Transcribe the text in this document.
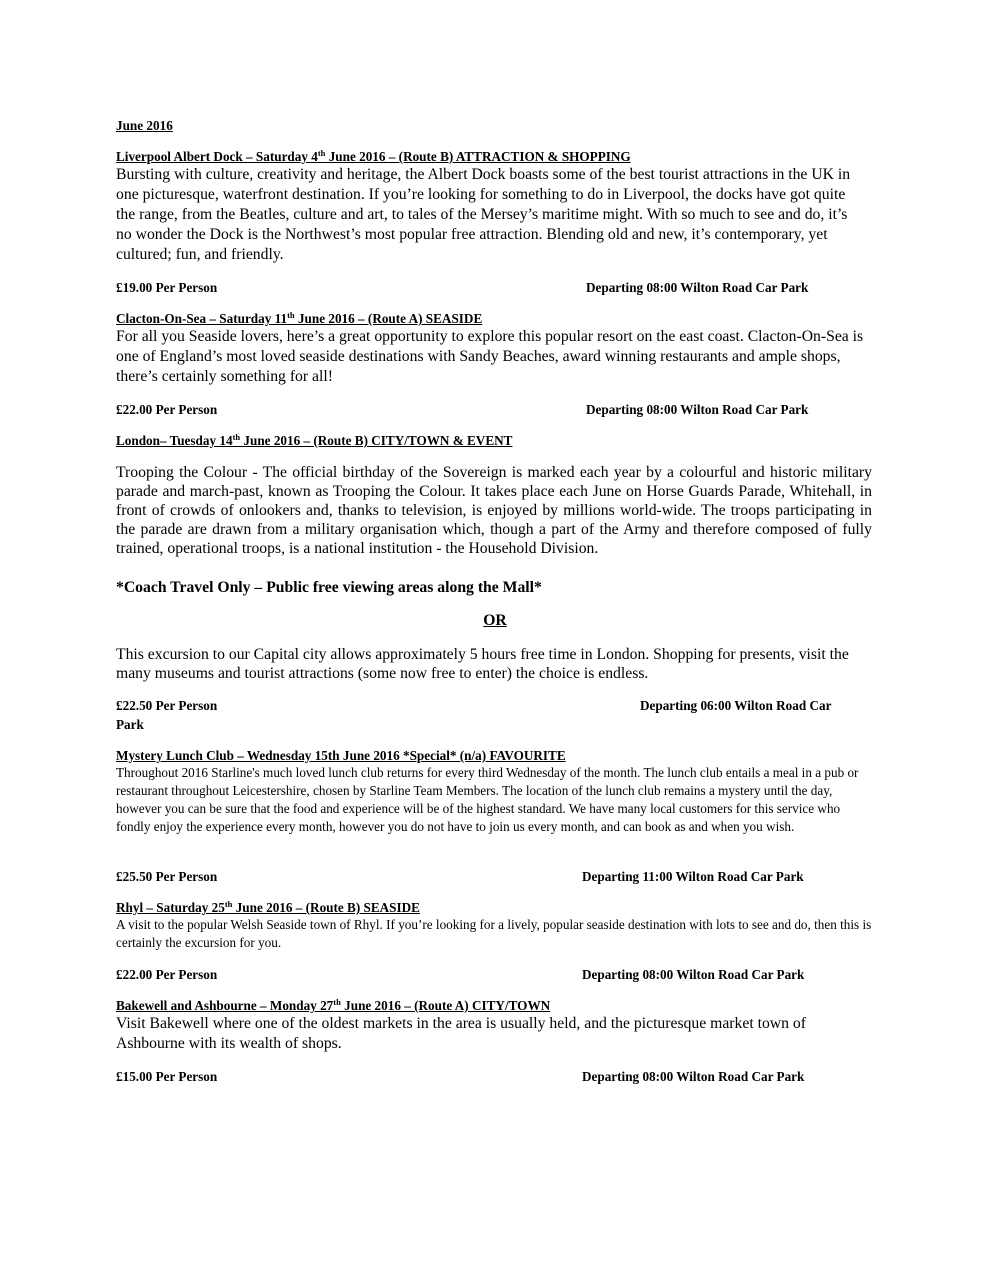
June 2016
Liverpool Albert Dock – Saturday 4th June 2016 – (Route B) ATTRACTION & SHOPPING

Bursting with culture, creativity and heritage, the Albert Dock boasts some of the best tourist attractions in the UK in one picturesque, waterfront destination. If you’re looking for something to do in Liverpool, the docks have got quite the range, from the Beatles, culture and art, to tales of the Mersey’s maritime might. With so much to see and do, it’s no wonder the Dock is the Northwest’s most popular free attraction. Blending old and new, it’s contemporary, yet cultured; fun, and friendly.

£19.00 Per Person	Departing 08:00 Wilton Road Car Park
Clacton-On-Sea – Saturday 11th June 2016 – (Route A) SEASIDE

For all you Seaside lovers, here’s a great opportunity to explore this popular resort on the east coast. Clacton-On-Sea is one of England’s most loved seaside destinations with Sandy Beaches, award winning restaurants and ample shops, there’s certainly something for all!

£22.00 Per Person	Departing 08:00 Wilton Road Car Park
London– Tuesday 14th June 2016 – (Route B) CITY/TOWN & EVENT

Trooping the Colour - The official birthday of the Sovereign is marked each year by a colourful and historic military parade and march-past, known as Trooping the Colour. It takes place each June on Horse Guards Parade, Whitehall, in front of crowds of onlookers and, thanks to television, is enjoyed by millions world-wide. The troops participating in the parade are drawn from a military organisation which, though a part of the Army and therefore composed of fully trained, operational troops, is a national institution - the Household Division.

*Coach Travel Only – Public free viewing areas along the Mall*
OR

This excursion to our Capital city allows approximately 5 hours free time in London. Shopping for presents, visit the many museums and tourist attractions (some now free to enter) the choice is endless.

£22.50 Per Person	Departing 06:00 Wilton Road Car
Park
Mystery Lunch Club – Wednesday 15th June 2016 *Special* (n/a) FAVOURITE

Throughout 2016 Starline's much loved lunch club returns for every third Wednesday of the month. The lunch club entails a meal in a pub or restaurant throughout Leicestershire, chosen by Starline Team Members. The location of the lunch club remains a mystery until the day, however you can be sure that the food and experience will be of the highest standard. We have many local customers for this service who fondly enjoy the experience every month, however you do not have to join us every month, and can book as and when you wish.

£25.50 Per Person	Departing 11:00 Wilton Road Car Park
Rhyl – Saturday 25th June 2016 – (Route B) SEASIDE

A visit to the popular Welsh Seaside town of Rhyl. If you’re looking for a lively, popular seaside destination with lots to see and do, then this is certainly the excursion for you.

£22.00 Per Person	Departing 08:00 Wilton Road Car Park
Bakewell and Ashbourne – Monday 27th June 2016 – (Route A) CITY/TOWN

Visit Bakewell where one of the oldest markets in the area is usually held, and the picturesque market town of Ashbourne with its wealth of shops.

£15.00 Per Person	Departing 08:00 Wilton Road Car Park
